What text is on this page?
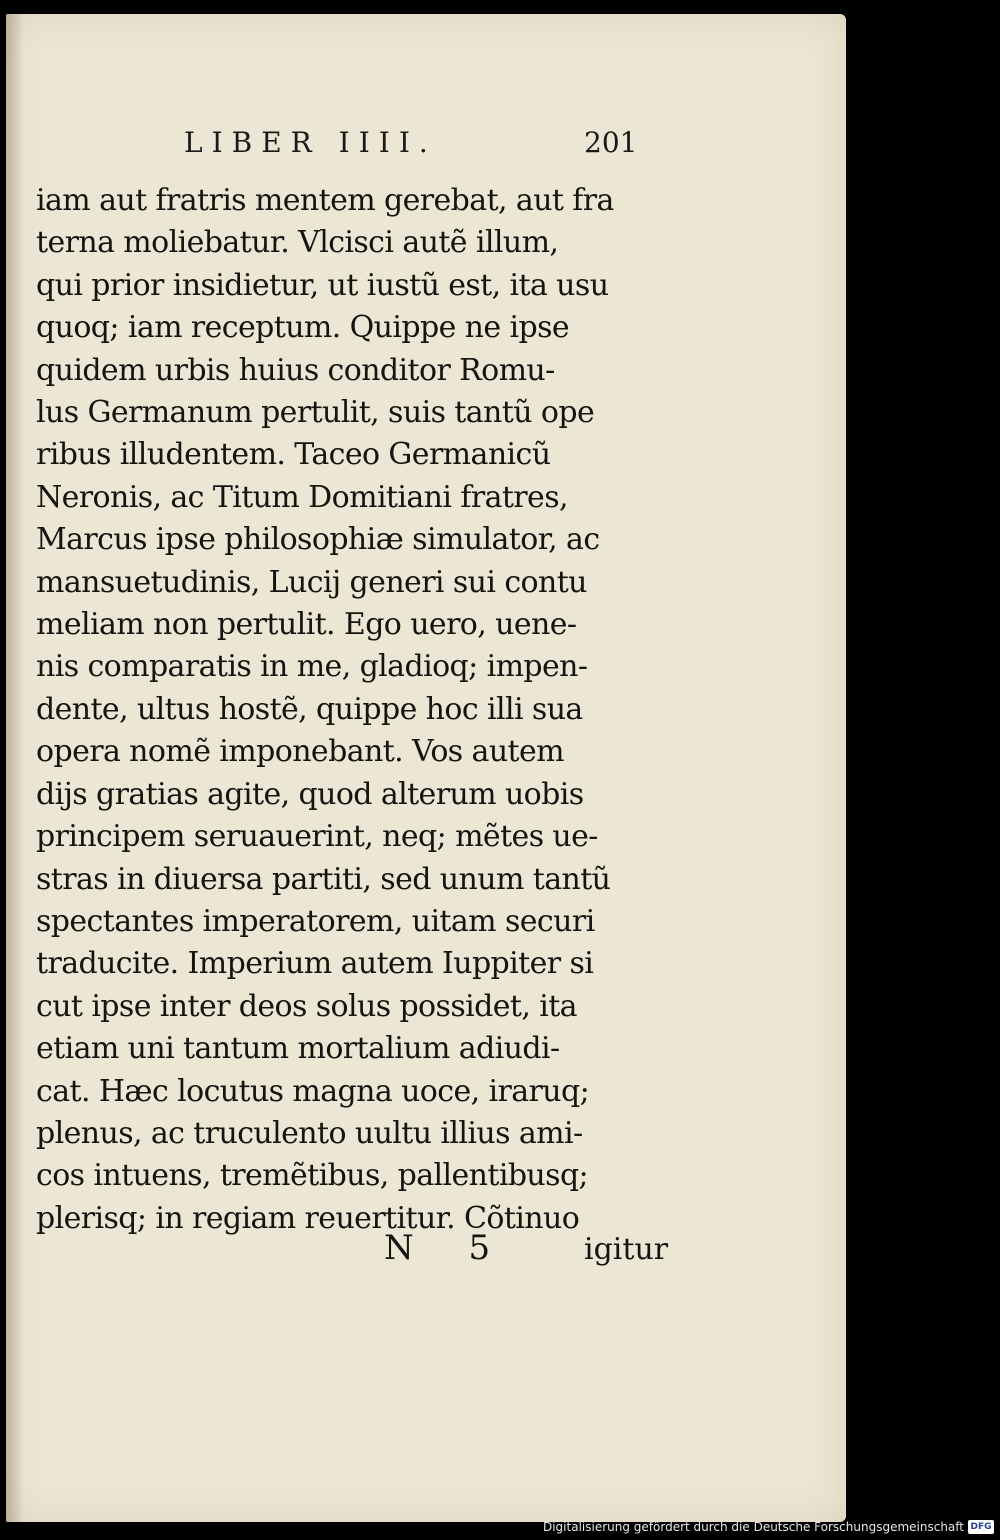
LIBER IIII.	201
iam aut fratris mentem gerebat, aut fra
terna moliebatur. Vlcisci autẽ illum,
qui prior insidietur, ut iustũ est, ita usu
quoq; iam receptum. Quippe ne ipse
quidem urbis huius conditor Romu-
lus Germanum pertulit, suis tantũ ope
ribus illudentem. Taceo Germanicũ
Neronis, ac Titum Domitiani fratres,
Marcus ipse philosophiæ simulator, ac
mansuetudinis, Lucij generi sui contu
meliam non pertulit. Ego uero, uene-
nis comparatis in me, gladioq; impen-
dente, ultus hostẽ, quippe hoc illi sua
opera nomẽ imponebant. Vos autem
dijs gratias agite, quod alterum uobis
principem seruauerint, neq; mẽtes ue-
stras in diuersa partiti, sed unum tantũ
spectantes imperatorem, uitam securi
traducite. Imperium autem Iuppiter si
cut ipse inter deos solus possidet, ita
etiam uni tantum mortalium adiudi-
cat. Hæc locutus magna uoce, iraruq;
plenus, ac truculento uultu illius ami-
cos intuens, tremẽtibus, pallentibusq;
plerisq; in regiam reuertitur. Cõtinuo
N 5 igitur
Digitalisierung gefördert durch die Deutsche Forschungsgemeinschaft DFG
